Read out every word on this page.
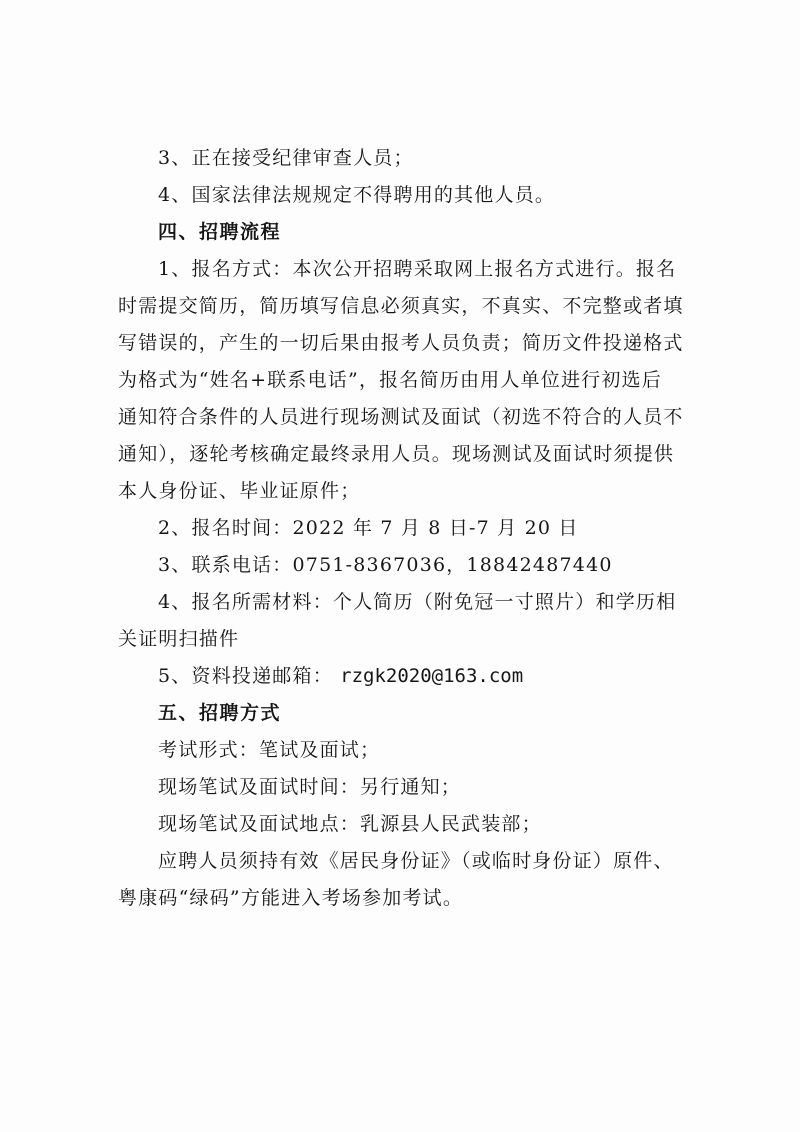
3、正在接受纪律审查人员；
4、国家法律法规规定不得聘用的其他人员。
四、招聘流程
1、报名方式：本次公开招聘采取网上报名方式进行。报名
时需提交简历，简历填写信息必须真实，不真实、不完整或者填
写错误的，产生的一切后果由报考人员负责；简历文件投递格式
为格式为“姓名+联系电话”，报名简历由用人单位进行初选后
通知符合条件的人员进行现场测试及面试（初选不符合的人员不
通知），逐轮考核确定最终录用人员。现场测试及面试时须提供
本人身份证、毕业证原件；
2、报名时间：2022 年 7 月 8 日-7 月 20 日
3、联系电话：0751-8367036，18842487440
4、报名所需材料：个人简历（附免冠一寸照片）和学历相
关证明扫描件
5、资料投递邮箱： rzgk2020@163.com
五、招聘方式
考试形式：笔试及面试；
现场笔试及面试时间：另行通知；
现场笔试及面试地点：乳源县人民武装部；
应聘人员须持有效《居民身份证》（或临时身份证）原件、
粤康码“绿码”方能进入考场参加考试。
